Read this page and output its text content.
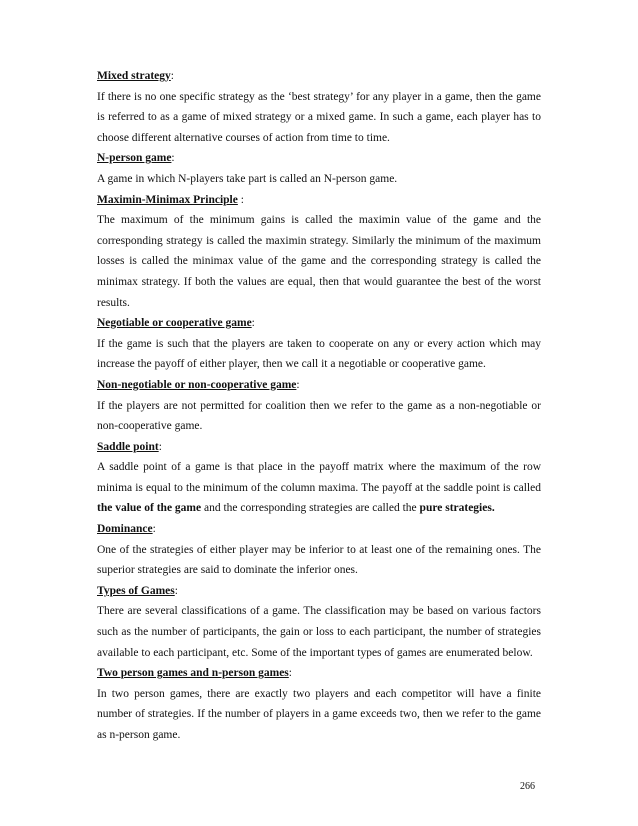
Mixed strategy:

If there is no one specific strategy as the ‘best strategy’ for any player in a game, then the game is referred to as a game of mixed strategy or a mixed game. In such a game, each player has to choose different alternative courses of action from time to time.

N-person game:

A game in which N-players take part is called an N-person game.

Maximin-Minimax Principle :

The maximum of the minimum gains is called the maximin value of the game and the corresponding strategy is called the maximin strategy. Similarly the minimum of the maximum losses is called the minimax value of the game and the corresponding strategy is called the minimax strategy. If both the values are equal, then that would guarantee the best of the worst results.

Negotiable or cooperative game:

If the game is such that the players are taken to cooperate on any or every action which may increase the payoff of either player, then we call it a negotiable or cooperative game.

Non-negotiable or non-cooperative game:

If the players are not permitted for coalition then we refer to the game as a non-negotiable or non-cooperative game.

Saddle point:

A saddle point of a game is that place in the payoff matrix where the maximum of the row minima is equal to the minimum of the column maxima. The payoff at the saddle point is called the value of the game and the corresponding strategies are called the pure strategies.

Dominance:

One of the strategies of either player may be inferior to at least one of the remaining ones. The superior strategies are said to dominate the inferior ones.

Types of Games:

There are several classifications of a game. The classification may be based on various factors such as the number of participants, the gain or loss to each participant, the number of strategies available to each participant, etc. Some of the important types of games are enumerated below.

Two person games and n-person games:

In two person games, there are exactly two players and each competitor will have a finite number of strategies. If the number of players in a game exceeds two, then we refer to the game as n-person game.

266
